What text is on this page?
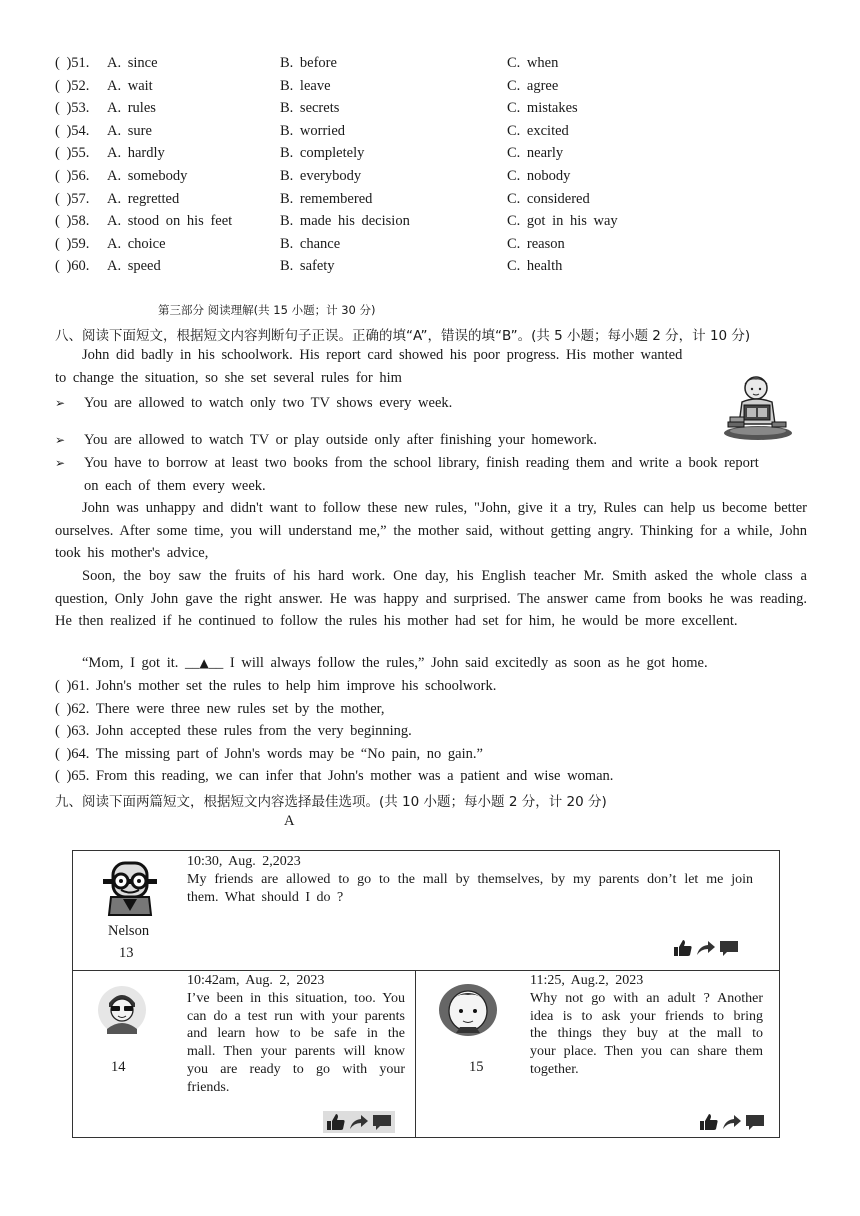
( )51. A. since	B. before	C. when
( )52. A. wait	B. leave	C. agree
( )53. A. rules	B. secrets	C. mistakes
( )54. A. sure	B. worried	C. excited
( )55. A. hardly	B. completely	C. nearly
( )56. A. somebody	B. everybody	C. nobody
( )57. A. regretted	B. remembered	C. considered
( )58. A. stood on his feet	B. made his decision	C. got in his way
( )59. A. choice	B. chance	C. reason
( )60. A. speed	B. safety	C. health
第三部分 阅读理解(共 15 小题；计 30 分)
八、阅读下面短文，根据短文内容判断句子正误。正确的填“A”，错误的填“B”。(共 5 小题；每小题 2 分，计 10 分)
John did badly in his schoolwork. His report card showed his poor progress. His mother wanted
to change the situation, so she set several rules for him
➢ You are allowed to watch only two TV shows every week.
➢ You are allowed to watch TV or play outside only after finishing your homework.
➢ You have to borrow at least two books from the school library, finish reading them and write a book report on each of them every week.

John was unhappy and didn't want to follow these new rules, "John, give it a try, Rules can help us become better ourselves. After some time, you will understand me,” the mother said, without getting angry. Thinking for a while, John took his mother's advice,

Soon, the boy saw the fruits of his hard work. One day, his English teacher Mr. Smith asked the whole class a question, Only John gave the right answer. He was happy and surprised. The answer came from books he was reading. He then realized if he continued to follow the rules his mother had set for him, he would be more excellent.

“Mom, I got it. __▲__ I will always follow the rules,” John said excitedly as soon as he got home.
( )61. John's mother set the rules to help him improve his schoolwork.
( )62. There were three new rules set by the mother,
( )63. John accepted these rules from the very beginning.
( )64. The missing part of John's words may be “No pain, no gain.”
( )65. From this reading, we can infer that John's mother was a patient and wise woman.
九、阅读下面两篇短文，根据短文内容选择最佳选项。(共 10 小题；每小题 2 分，计 20 分)
A
Nelson
13
10:30, Aug. 2,2023
My friends are allowed to go to the mall by themselves, by my parents don’t let me join them. What should I do ?
14
10:42am, Aug. 2, 2023
I’ve been in this situation, too. You can do a test run with your parents and learn how to be safe in the mall. Then your parents will know you are ready to go with your friends.
15
11:25, Aug.2, 2023
Why not go with an adult ? Another idea is to ask your friends to bring the things they buy at the mall to your place. Then you can share them together.
